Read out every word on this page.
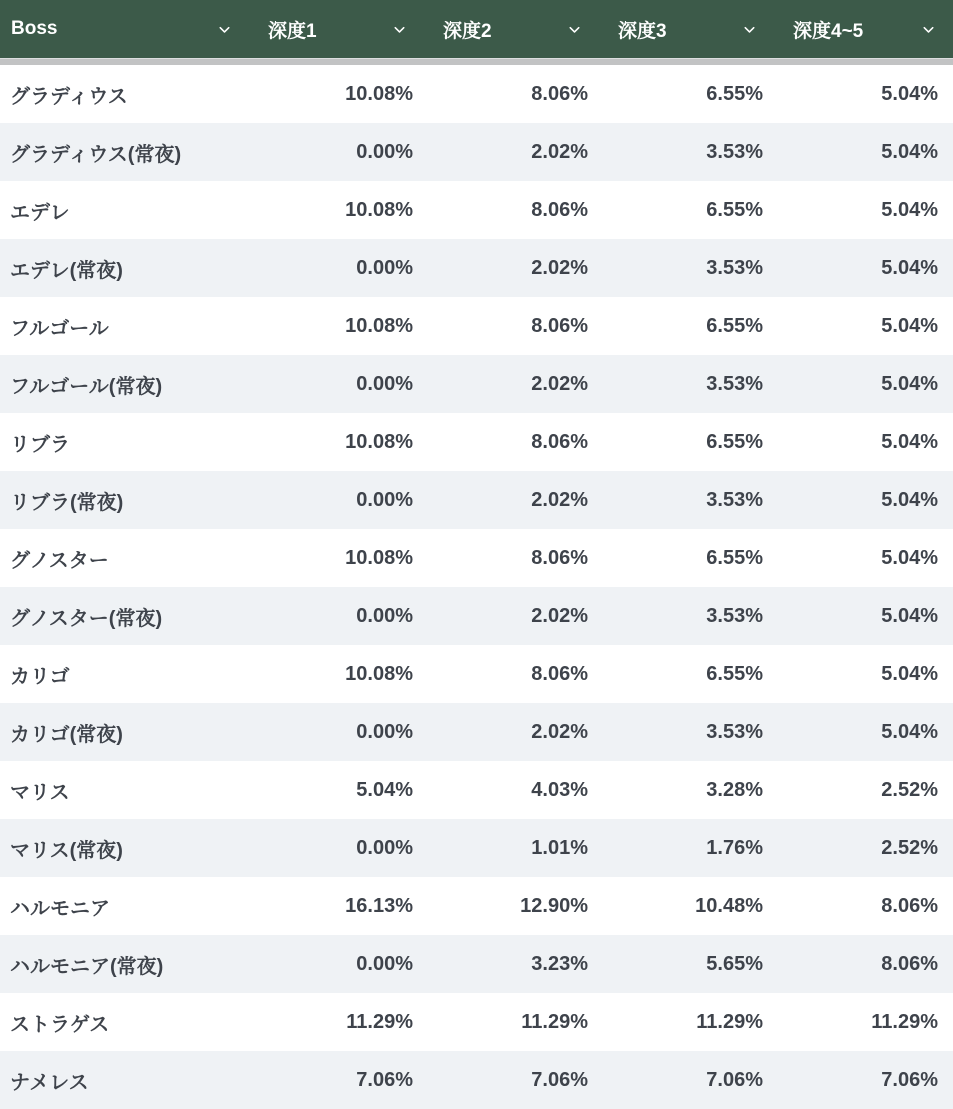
Boss	深度1	深度2	深度3	深度4~5
グラディウス	10.08%	8.06%	6.55%	5.04%
グラディウス(常夜)	0.00%	2.02%	3.53%	5.04%
エデレ	10.08%	8.06%	6.55%	5.04%
エデレ(常夜)	0.00%	2.02%	3.53%	5.04%
フルゴール	10.08%	8.06%	6.55%	5.04%
フルゴール(常夜)	0.00%	2.02%	3.53%	5.04%
リブラ	10.08%	8.06%	6.55%	5.04%
リブラ(常夜)	0.00%	2.02%	3.53%	5.04%
グノスター	10.08%	8.06%	6.55%	5.04%
グノスター(常夜)	0.00%	2.02%	3.53%	5.04%
カリゴ	10.08%	8.06%	6.55%	5.04%
カリゴ(常夜)	0.00%	2.02%	3.53%	5.04%
マリス	5.04%	4.03%	3.28%	2.52%
マリス(常夜)	0.00%	1.01%	1.76%	2.52%
ハルモニア	16.13%	12.90%	10.48%	8.06%
ハルモニア(常夜)	0.00%	3.23%	5.65%	8.06%
ストラゲス	11.29%	11.29%	11.29%	11.29%
ナメレス	7.06%	7.06%	7.06%	7.06%
